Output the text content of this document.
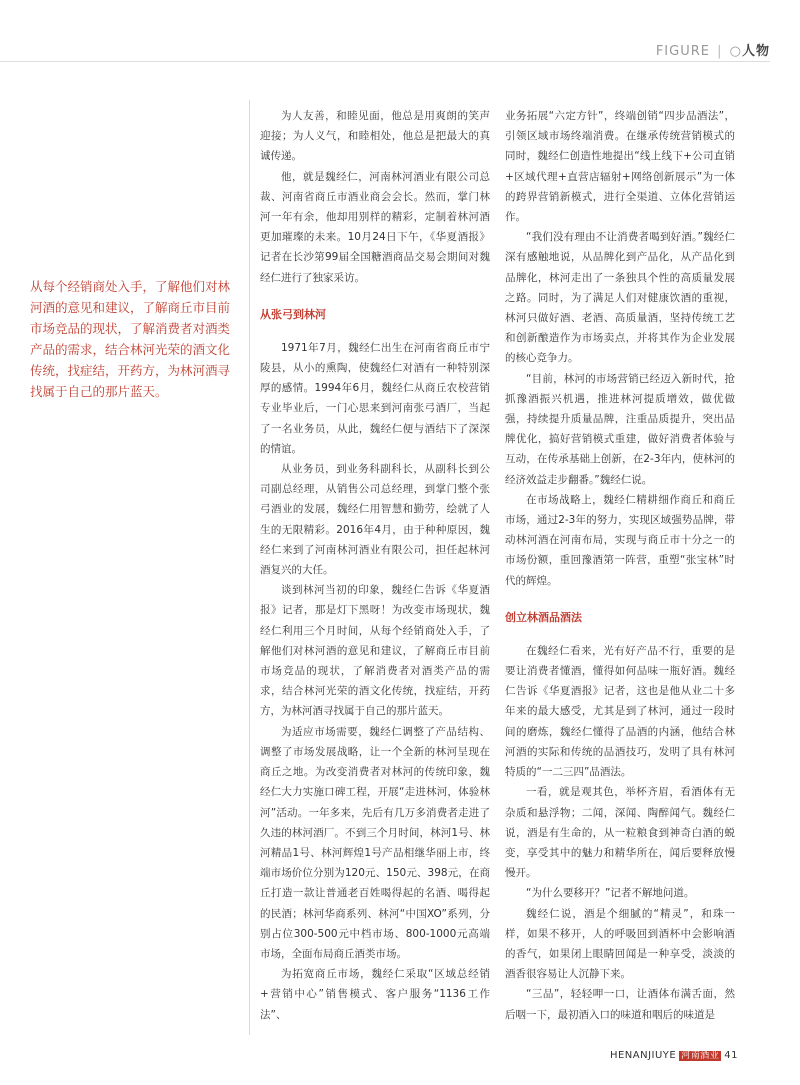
FIGURE | ○人物
从每个经销商处入手，了解他们对林河酒的意见和建议，了解商丘市目前市场竞品的现状，了解消费者对酒类产品的需求，结合林河光荣的酒文化传统，找症结，开药方，为林河酒寻找属于自己的那片蓝天。

为人友善，和睦见面，他总是用爽朗的笑声迎接；为人义气，和睦相处，他总是把最大的真诚传递。

他，就是魏经仁，河南林河酒业有限公司总裁、河南省商丘市酒业商会会长。然而，掌门林河一年有余，他却用别样的精彩，定制着林河酒更加璀璨的未来。10月24日下午，《华夏酒报》记者在长沙第99届全国糖酒商品交易会期间对魏经仁进行了独家采访。

从张弓到林河

1971年7月，魏经仁出生在河南省商丘市宁陵县，从小的熏陶，使魏经仁对酒有一种特别深厚的感情。1994年6月，魏经仁从商丘农校营销专业毕业后，一门心思来到河南张弓酒厂，当起了一名业务员，从此，魏经仁便与酒结下了深深的情谊。

从业务员，到业务科副科长，从副科长到公司副总经理，从销售公司总经理，到掌门整个张弓酒业的发展，魏经仁用智慧和勤劳，绘就了人生的无限精彩。2016年4月，由于种种原因，魏经仁来到了河南林河酒业有限公司，担任起林河酒复兴的大任。

谈到林河当初的印象，魏经仁告诉《华夏酒报》记者，那是灯下黑呀！为改变市场现状，魏经仁利用三个月时间，从每个经销商处入手，了解他们对林河酒的意见和建议，了解商丘市目前市场竞品的现状，了解消费者对酒类产品的需求，结合林河光荣的酒文化传统，找症结，开药方，为林河酒寻找属于自己的那片蓝天。

为适应市场需要，魏经仁调整了产品结构、调整了市场发展战略，让一个全新的林河呈现在商丘之地。为改变消费者对林河的传统印象，魏经仁大力实施口碑工程，开展“走进林河，体验林河”活动。一年多来，先后有几万多消费者走进了久违的林河酒厂。不到三个月时间，林河1号、林河精品1号、林河辉煌1号产品相继华丽上市，终端市场价位分别为120元、150元、398元，在商丘打造一款让普通老百姓喝得起的名酒、喝得起的民酒；林河华商系列、林河“中国XO”系列，分别占位300-500元中档市场、800-1000元高端市场，全面布局商丘酒类市场。

为拓宽商丘市场，魏经仁采取“区域总经销+营销中心”销售模式、客户服务“1136工作法”、

业务拓展“六定方针”，终端创销“四步品酒法”，引领区域市场终端消费。在继承传统营销模式的同时，魏经仁创造性地提出“线上线下+公司直销+区域代理+直营店辐射+网络创新展示”为一体的跨界营销新模式，进行全渠道、立体化营销运作。

“我们没有理由不让消费者喝到好酒。”魏经仁深有感触地说，从品牌化到产品化，从产品化到品牌化，林河走出了一条独具个性的高质量发展之路。同时，为了满足人们对健康饮酒的重视，林河只做好酒、老酒、高质量酒，坚持传统工艺和创新酿造作为市场卖点，并将其作为企业发展的核心竞争力。

“目前，林河的市场营销已经迈入新时代，抢抓豫酒振兴机遇，推进林河提质增效，做优做强，持续提升质量品牌，注重品质提升，突出品牌优化，搞好营销模式重建，做好消费者体验与互动，在传承基础上创新，在2-3年内，使林河的经济效益走步翻番。”魏经仁说。

在市场战略上，魏经仁精耕细作商丘和商丘市场，通过2-3年的努力，实现区域强势品牌，带动林河酒在河南布局，实现与商丘市十分之一的市场份额，重回豫酒第一阵营，重塑“张宝林”时代的辉煌。

创立林酒品酒法

在魏经仁看来，光有好产品不行，重要的是要让消费者懂酒，懂得如何品味一瓶好酒。魏经仁告诉《华夏酒报》记者，这也是他从业二十多年来的最大感受，尤其是到了林河，通过一段时间的磨炼，魏经仁懂得了品酒的内涵，他结合林河酒的实际和传统的品酒技巧，发明了具有林河特质的“一二三四”品酒法。

一看，就是观其色，举杯齐眉，看酒体有无杂质和悬浮物；二闻，深闻、陶醉闻气。魏经仁说，酒是有生命的，从一粒粮食到神奇白酒的蜕变，享受其中的魅力和精华所在，闻后要释放慢慢开。

“为什么要移开？”记者不解地问道。

魏经仁说，酒是个细腻的“精灵”，和珠一样，如果不移开，人的呼吸回到酒杯中会影响酒的香气，如果闭上眼睛回闻是一种享受，淡淡的酒香很容易让人沉静下来。

“三品”，轻轻呷一口，让酒体布满舌面，然后咽一下，最初酒入口的味道和咽后的味道是

HENANJIUYE 河南酒业 41
